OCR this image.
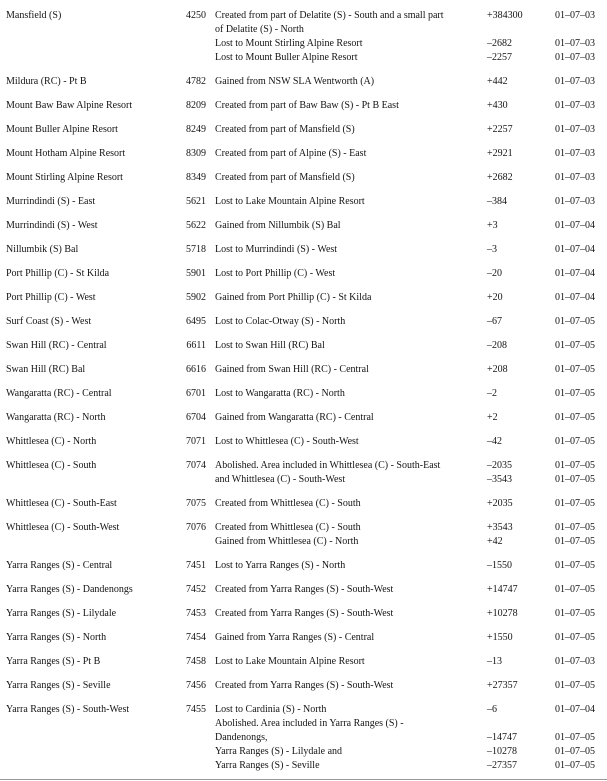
Mansfield (S)	4250 Created from part of Delatite (S) - South and a small part	+384300	01–07–03
of Delatite (S) - North
Lost to Mount Stirling Alpine Resort	–2682	01–07–03
Lost to Mount Buller Alpine Resort	–2257	01–07–03
Mildura (RC) - Pt B	4782 Gained from NSW SLA Wentworth (A)	+442	01–07–03
Mount Baw Baw Alpine Resort	8209 Created from part of Baw Baw (S) - Pt B East	+430	01–07–03
Mount Buller Alpine Resort	8249 Created from part of Mansfield (S)	+2257	01–07–03
Mount Hotham Alpine Resort	8309 Created from part of Alpine (S) - East	+2921	01–07–03
Mount Stirling Alpine Resort	8349 Created from part of Mansfield (S)	+2682	01–07–03
Murrindindi (S) - East	5621 Lost to Lake Mountain Alpine Resort	–384	01–07–03
Murrindindi (S) - West	5622 Gained from Nillumbik (S) Bal	+3	01–07–04
Nillumbik (S) Bal	5718 Lost to Murrindindi (S) - West	–3	01–07–04
Port Phillip (C) - St Kilda	5901 Lost to Port Phillip (C) - West	–20	01–07–04
Port Phillip (C) - West	5902 Gained from Port Phillip (C) - St Kilda	+20	01–07–04
Surf Coast (S) - West	6495 Lost to Colac-Otway (S) - North	–67	01–07–05
Swan Hill (RC) - Central	6611 Lost to Swan Hill (RC) Bal	–208	01–07–05
Swan Hill (RC) Bal	6616 Gained from Swan Hill (RC) - Central	+208	01–07–05
Wangaratta (RC) - Central	6701 Lost to Wangaratta (RC) - North	–2	01–07–05
Wangaratta (RC) - North	6704 Gained from Wangaratta (RC) - Central	+2	01–07–05
Whittlesea (C) - North	7071 Lost to Whittlesea (C) - South-West	–42	01–07–05
Whittlesea (C) - South	7074 Abolished. Area included in Whittlesea (C) - South-East	–2035	01–07–05
and Whittlesea (C) - South-West	–3543	01–07–05
Whittlesea (C) - South-East	7075 Created from Whittlesea (C) - South	+2035	01–07–05
Whittlesea (C) - South-West	7076 Created from Whittlesea (C) - South	+3543	01–07–05
Gained from Whittlesea (C) - North	+42	01–07–05
Yarra Ranges (S) - Central	7451 Lost to Yarra Ranges (S) - North	–1550	01–07–05
Yarra Ranges (S) - Dandenongs	7452 Created from Yarra Ranges (S) - South-West	+14747	01–07–05
Yarra Ranges (S) - Lilydale	7453 Created from Yarra Ranges (S) - South-West	+10278	01–07–05
Yarra Ranges (S) - North	7454 Gained from Yarra Ranges (S) - Central	+1550	01–07–05
Yarra Ranges (S) - Pt B	7458 Lost to Lake Mountain Alpine Resort	–13	01–07–03
Yarra Ranges (S) - Seville	7456 Created from Yarra Ranges (S) - South-West	+27357	01–07–05
Yarra Ranges (S) - South-West	7455 Lost to Cardinia (S) - North	–6	01–07–04
Abolished. Area included in Yarra Ranges (S) -
Dandenongs,	–14747	01–07–05
Yarra Ranges (S) - Lilydale and	–10278	01–07–05
Yarra Ranges (S) - Seville	–27357	01–07–05
